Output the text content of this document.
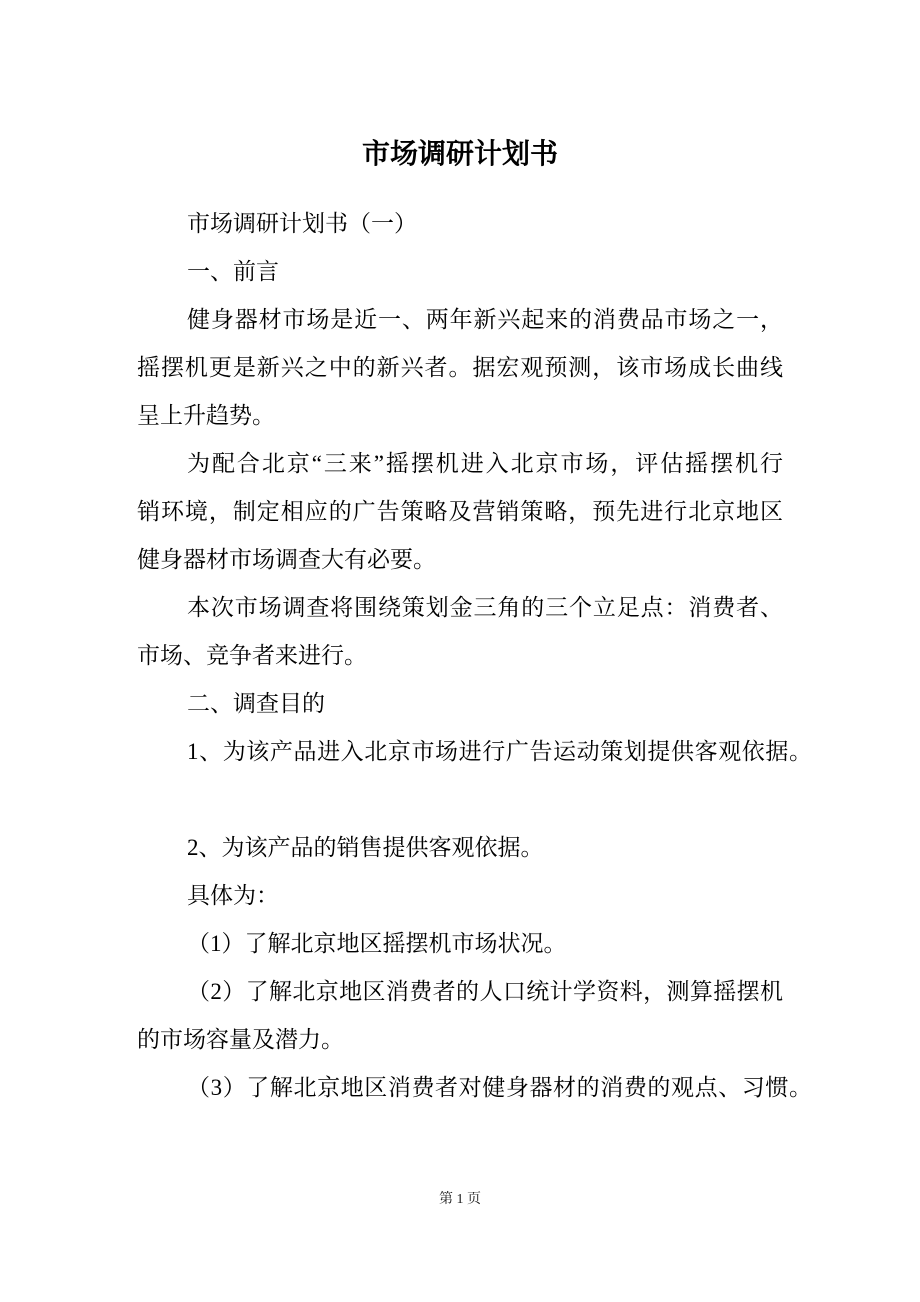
市场调研计划书
市场调研计划书（一）
一、前言
健身器材市场是近一、两年新兴起来的消费品市场之一，
摇摆机更是新兴之中的新兴者。据宏观预测，该市场成长曲线
呈上升趋势。
为配合北京“三来”摇摆机进入北京市场，评估摇摆机行
销环境，制定相应的广告策略及营销策略，预先进行北京地区
健身器材市场调查大有必要。
本次市场调查将围绕策划金三角的三个立足点：消费者、
市场、竞争者来进行。
二、调查目的
1、为该产品进入北京市场进行广告运动策划提供客观依据。
2、为该产品的销售提供客观依据。
具体为：
（1）了解北京地区摇摆机市场状况。
（2）了解北京地区消费者的人口统计学资料，测算摇摆机
的市场容量及潜力。
（3）了解北京地区消费者对健身器材的消费的观点、习惯。
第 1 页
